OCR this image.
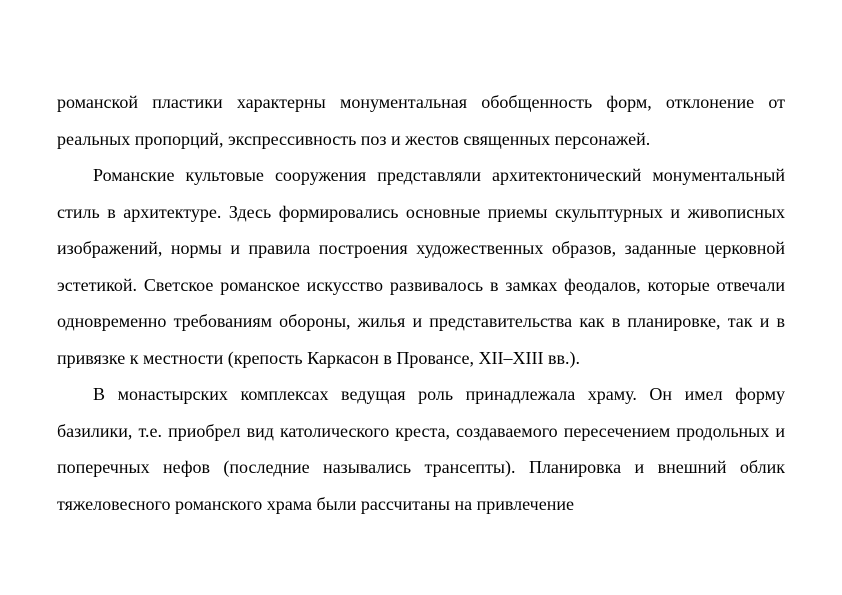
романской пластики характерны монументальная обобщенность форм, отклонение от реальных пропорций, экспрессивность поз и жестов священных персонажей.

Романские культовые сооружения представляли архитектонический монументальный стиль в архитектуре. Здесь формировались основные приемы скульптурных и живописных изображений, нормы и правила построения художественных образов, заданные церковной эстетикой. Светское романское искусство развивалось в замках феодалов, которые отвечали одновременно требованиям обороны, жилья и представительства как в планировке, так и в привязке к местности (крепость Каркасон в Провансе, XII–XIII вв.).

В монастырских комплексах ведущая роль принадлежала храму. Он имел форму базилики, т.е. приобрел вид католического креста, создаваемого пересечением продольных и поперечных нефов (последние назывались трансепты). Планировка и внешний облик тяжеловесного романского храма были рассчитаны на привлечение
